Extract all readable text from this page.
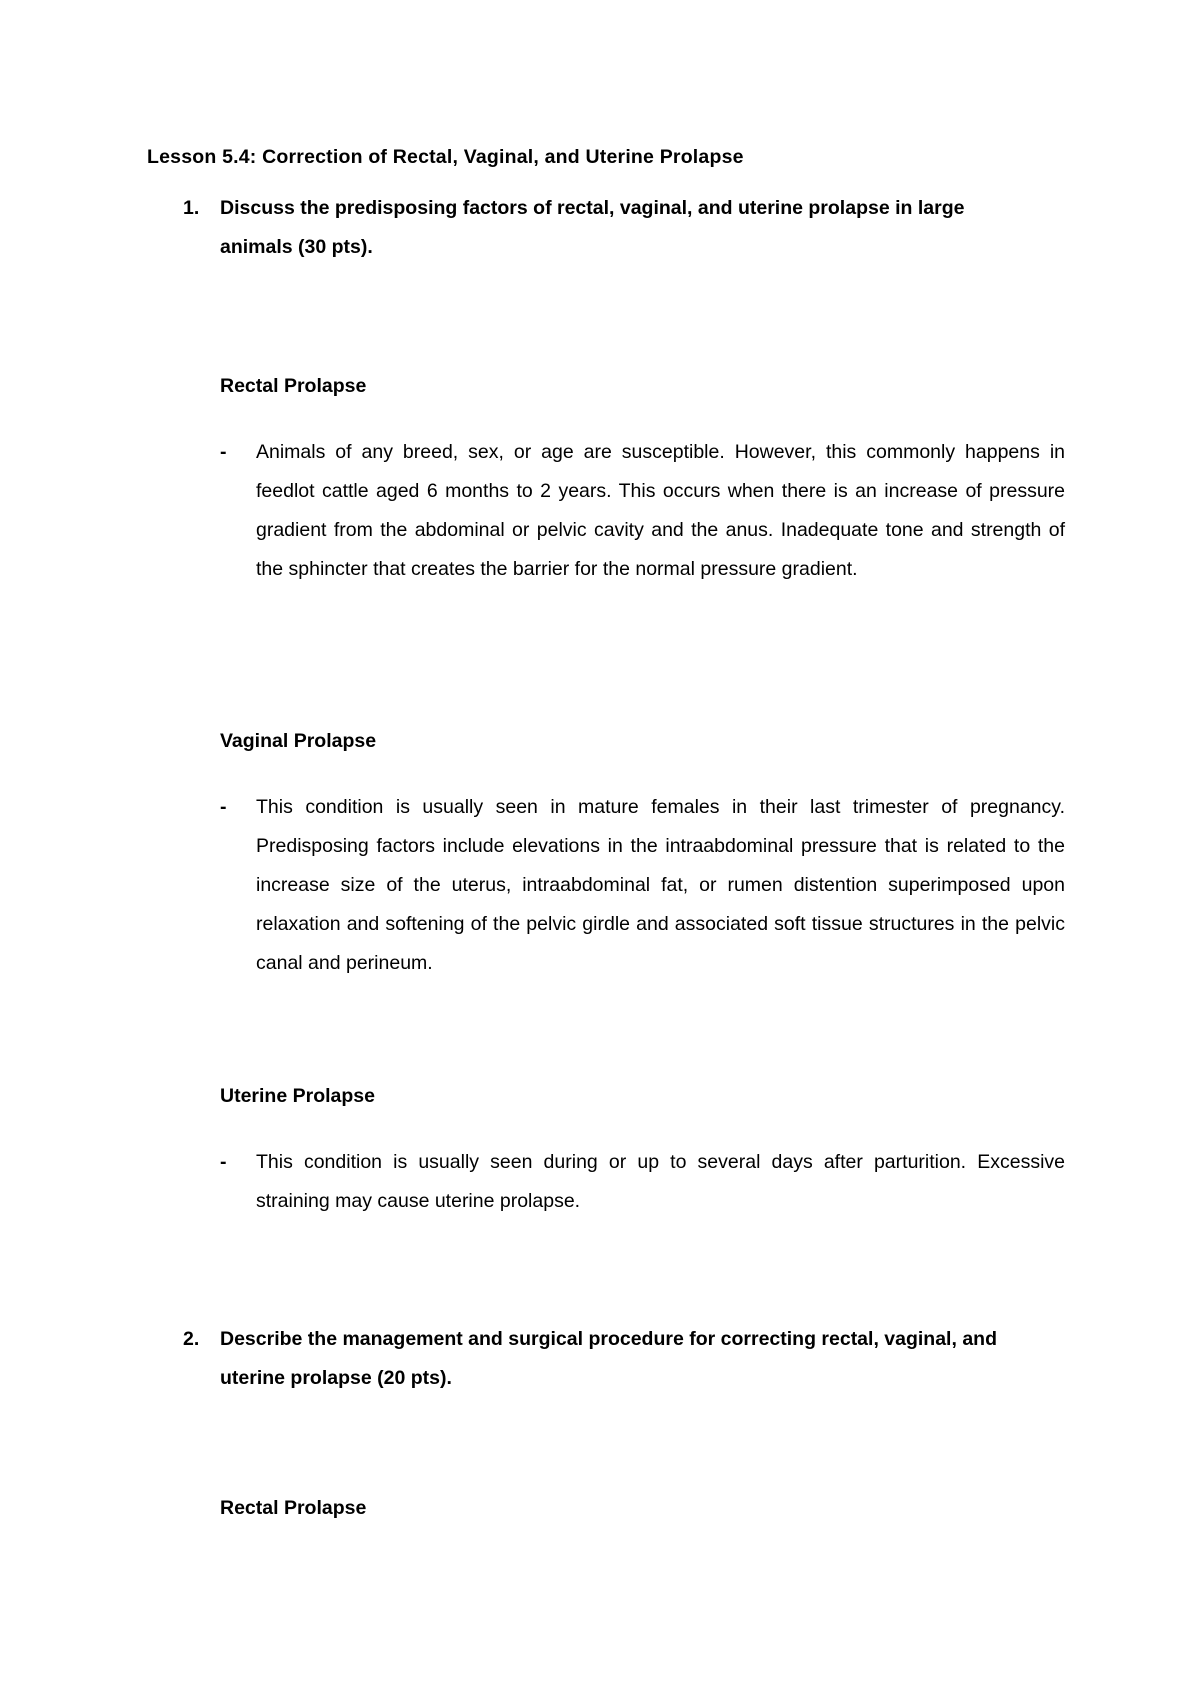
Lesson 5.4: Correction of Rectal, Vaginal, and Uterine Prolapse
1. Discuss the predisposing factors of rectal, vaginal, and uterine prolapse in large animals (30 pts).
Rectal Prolapse
- Animals of any breed, sex, or age are susceptible. However, this commonly happens in feedlot cattle aged 6 months to 2 years. This occurs when there is an increase of pressure gradient from the abdominal or pelvic cavity and the anus. Inadequate tone and strength of the sphincter that creates the barrier for the normal pressure gradient.
Vaginal Prolapse
- This condition is usually seen in mature females in their last trimester of pregnancy. Predisposing factors include elevations in the intraabdominal pressure that is related to the increase size of the uterus, intraabdominal fat, or rumen distention superimposed upon relaxation and softening of the pelvic girdle and associated soft tissue structures in the pelvic canal and perineum.
Uterine Prolapse
- This condition is usually seen during or up to several days after parturition. Excessive straining may cause uterine prolapse.
2. Describe the management and surgical procedure for correcting rectal, vaginal, and uterine prolapse (20 pts).
Rectal Prolapse
